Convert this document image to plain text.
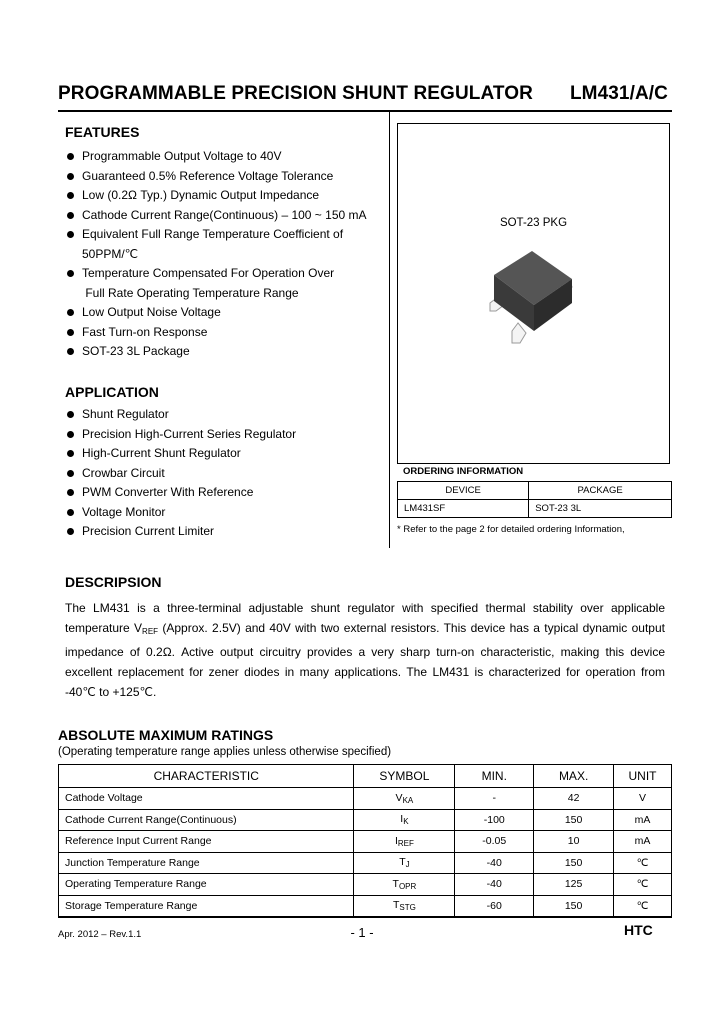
PROGRAMMABLE PRECISION SHUNT REGULATOR LM431/A/C
FEATURES
Programmable Output Voltage to 40V
Guaranteed 0.5% Reference Voltage Tolerance
Low (0.2Ω Typ.) Dynamic Output Impedance
Cathode Current Range(Continuous) – 100 ~ 150 mA
Equivalent Full Range Temperature Coefficient of
50PPM/℃
Temperature Compensated For Operation Over
Full Rate Operating Temperature Range
Low Output Noise Voltage
Fast Turn-on Response
SOT-23 3L Package
APPLICATION
Shunt Regulator
Precision High-Current Series Regulator
High-Current Shunt Regulator
Crowbar Circuit
PWM Converter With Reference
Voltage Monitor
Precision Current Limiter
SOT-23 PKG
ORDERING INFORMATION
DEVICE	PACKAGE
LM431SF	SOT-23 3L
* Refer to the page 2 for detailed ordering Information,
DESCRIPSION
The LM431 is a three-terminal adjustable shunt regulator with specified thermal stability over applicable temperature $V_{REF}$ (Approx. 2.5V) and 40V with two external resistors. This device has a typical dynamic output impedance of 0.2Ω. Active output circuitry provides a very sharp turn-on characteristic, making this device excellent replacement for zener diodes in many applications. The LM431 is characterized for operation from -40℃ to +125℃.
ABSOLUTE MAXIMUM RATINGS
(Operating temperature range applies unless otherwise specified)
CHARACTERISTIC	SYMBOL	MIN.	MAX.	UNIT
Cathode Voltage	$V_{KA}$	-	42	V
Cathode Current Range(Continuous)	$I_K$	-100	150	mA
Reference Input Current Range	$I_{REF}$	-0.05	10	mA
Junction Temperature Range	$T_J$	-40	150	℃
Operating Temperature Range	$T_{OPR}$	-40	125	℃
Storage Temperature Range	$T_{STG}$	-60	150	℃
Apr. 2012 – Rev.1.1	- 1 -	HTC
